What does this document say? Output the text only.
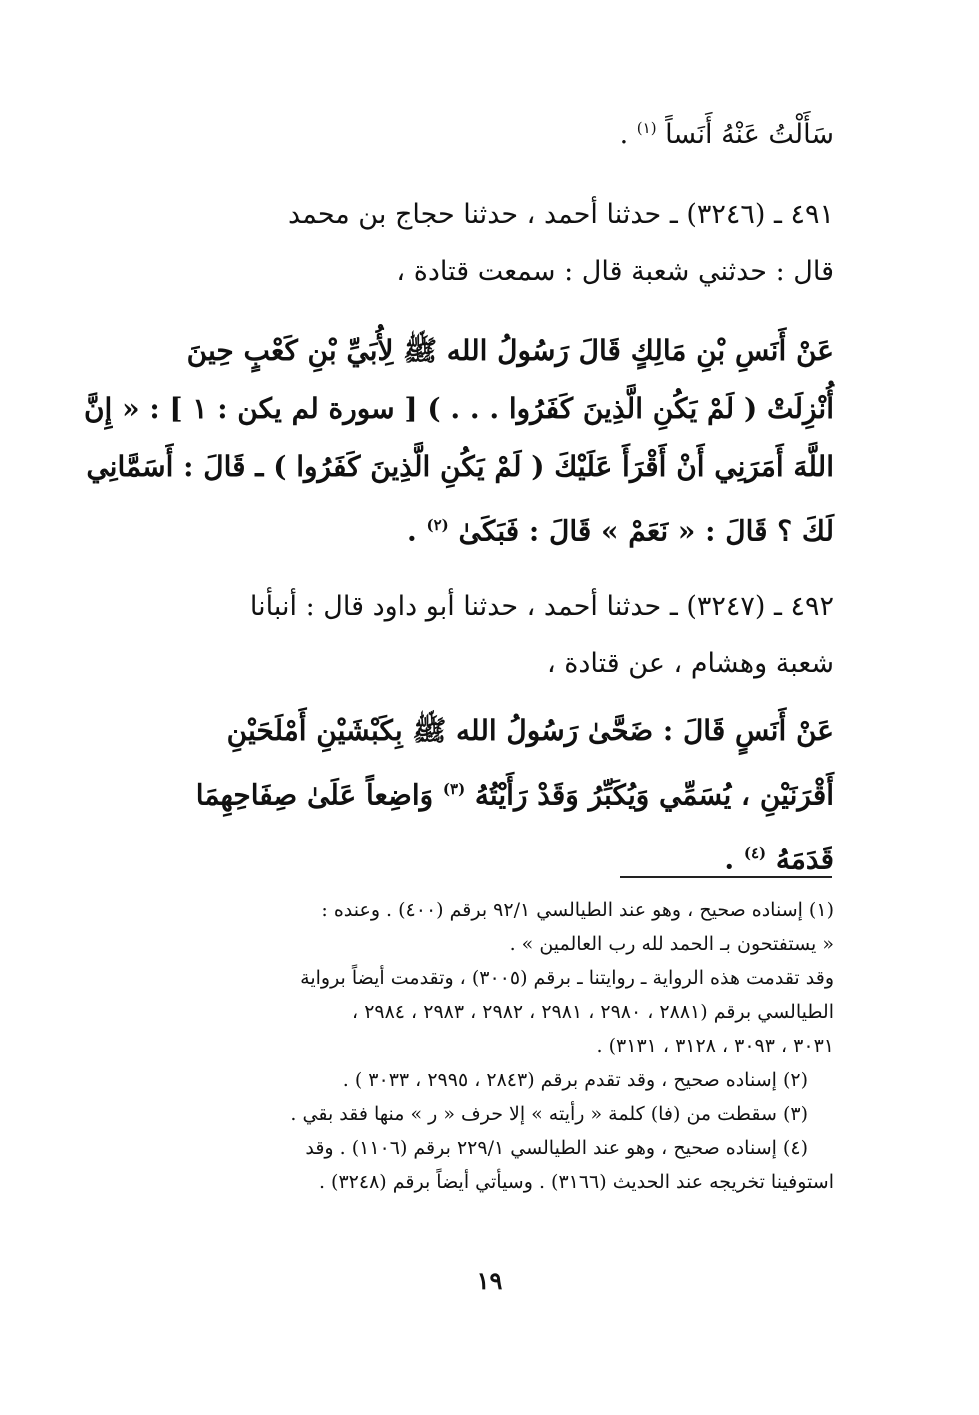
سَأَلْتُ عَنْهُ أَنَساً $^{(١)}$ .
٤٩١ ـ (٣٢٤٦) ـ حدثنا أحمد ، حدثنا حجاج بن محمد
قال : حدثني شعبة قال : سمعت قتادة ،
عَنْ أَنَسِ بْنِ مَالِكٍ قَالَ رَسُولُ الله ﷺ لِأُبَيِّ بْنِ كَعْبٍ حِينَ
أُنْزِلَتْ ( لَمْ يَكُنِ الَّذِينَ كَفَرُوا . . . ) [ سورة لم يكن : ١ ] : « إِنَّ
اللَّهَ أَمَرَنِي أَنْ أَقْرَأَ عَلَيْكَ ( لَمْ يَكُنِ الَّذِينَ كَفَرُوا ) ـ قَالَ : أَسَمَّانِي
لَكَ ؟ قَالَ : « نَعَمْ » قَالَ : فَبَكَىٰ $^{(٢)}$ .
٤٩٢ ـ (٣٢٤٧) ـ حدثنا أحمد ، حدثنا أبو داود قال : أنبأنا
شعبة وهشام ، عن قتادة ،
عَنْ أَنَسٍ قَالَ : ضَحَّىٰ رَسُولُ الله ﷺ بِكَبْشَيْنِ أَمْلَحَيْنِ
أَقْرَنَيْنِ ، يُسَمِّي وَيُكَبِّرُ وَقَدْ رَأَيْتُهُ $^{(٣)}$ وَاضِعاً عَلَىٰ صِفَاحِهِمَا
قَدَمَهُ $^{(٤)}$ .
(١) إسناده صحيح ، وهو عند الطيالسي ٩٢/١ برقم (٤٠٠) . وعنده :
« يستفتحون بـ الحمد لله رب العالمين » .
وقد تقدمت هذه الرواية ـ روايتنا ـ برقم (٣٠٠٥) ، وتقدمت أيضاً برواية
الطيالسي برقم (٢٨٨١ ، ٢٩٨٠ ، ٢٩٨١ ، ٢٩٨٢ ، ٢٩٨٣ ، ٢٩٨٤ ،
٣٠٣١ ، ٣٠٩٣ ، ٣١٢٨ ، ٣١٣١) .
(٢) إسناده صحيح ، وقد تقدم برقم (٢٨٤٣ ، ٢٩٩٥ ، ٣٠٣٣ ) .
(٣) سقطت من (فا) كلمة « رأيته » إلا حرف « ر » منها فقد بقي .
(٤) إسناده صحيح ، وهو عند الطيالسي ٢٢٩/١ برقم (١١٠٦) . وقد
استوفينا تخريجه عند الحديث (٣١٦٦) . وسيأتي أيضاً برقم (٣٢٤٨) .
١٩
